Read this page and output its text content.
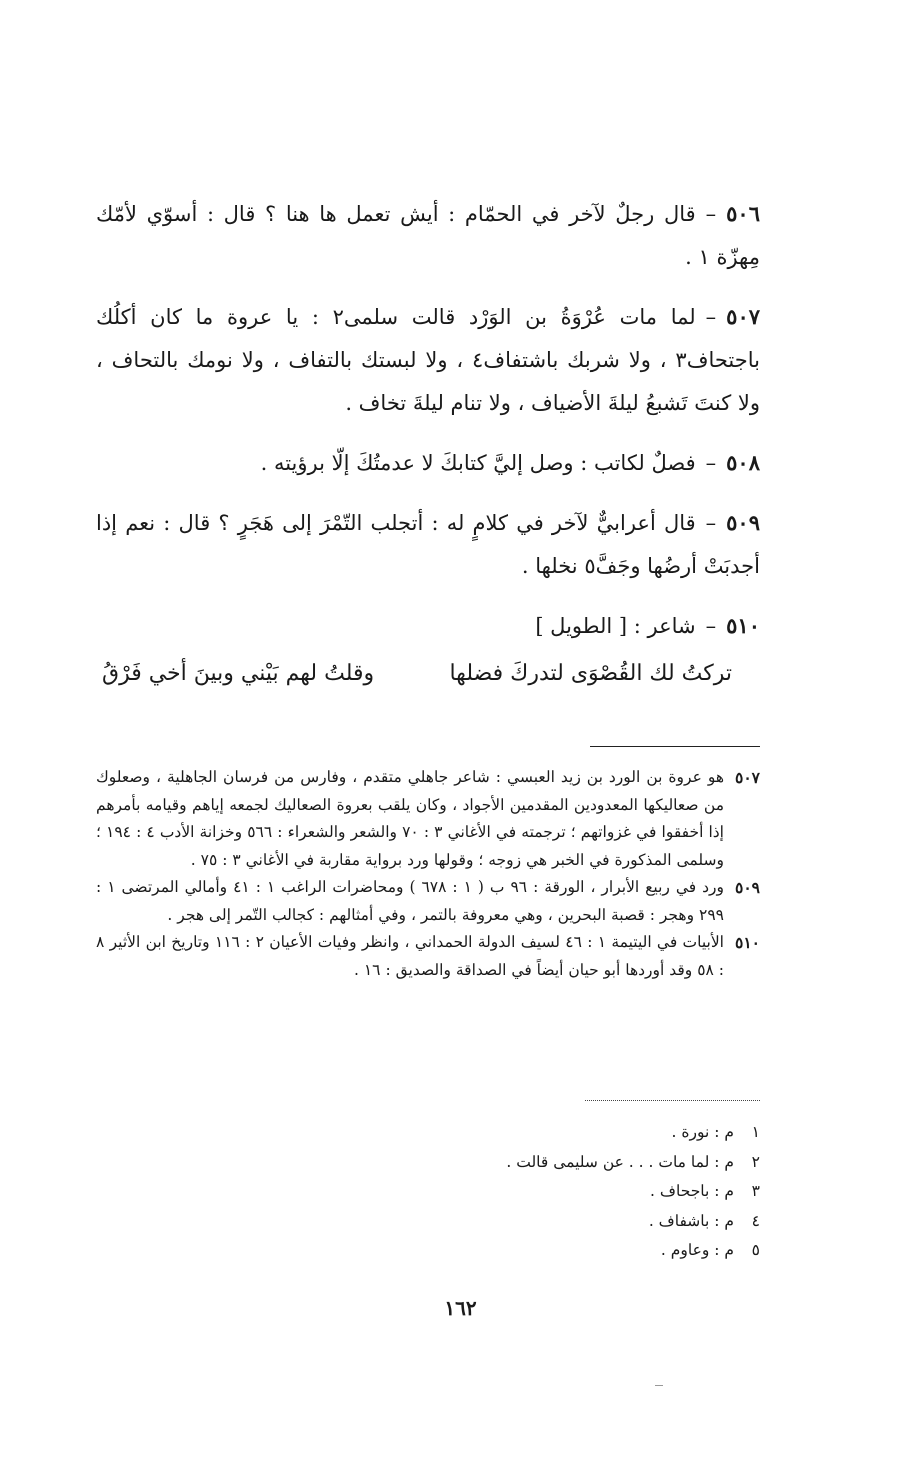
٥٠٦–قال رجلٌ لآخر في الحمّام : أيش تعمل ها هنا ؟ قال : أسوّي لأمّك مِهزّة ١ .

٥٠٧–لما مات عُرْوَةُ بن الوَرْد قالت سلمى٢ : يا عروة ما كان أكلُك باجتحاف٣ ، ولا شربك باشتفاف٤ ، ولا لبستك بالتفاف ، ولا نومك بالتحاف ، ولا كنتَ تَشبعُ ليلةَ الأضياف ، ولا تنام ليلةَ تخاف .

٥٠٨–فصلٌ لكاتب : وصل إليَّ كتابكَ لا عدمتُكَ إلّا برؤيته .

٥٠٩–قال أعرابيٌّ لآخر في كلامٍ له : أتجلب التّمْرَ إلى هَجَرٍ ؟ قال : نعم إذا أجدبَتْ أرضُها وجَفَّ٥ نخلها .

٥١٠–شاعر : [ الطويل ]

تركتُ لك القُصْوَى لتدركَ فضلها
وقلتُ لهم بَيْني وبينَ أخي فَرْقُ
٥٠٧
هو عروة بن الورد بن زيد العبسي : شاعر جاهلي متقدم ، وفارس من فرسان الجاهلية ، وصعلوك من صعاليكها المعدودين المقدمين الأجواد ، وكان يلقب بعروة الصعاليك لجمعه إياهم وقيامه بأمرهم إذا أخفقوا في غزواتهم ؛ ترجمته في الأغاني ٣ : ٧٠ والشعر والشعراء : ٥٦٦ وخزانة الأدب ٤ : ١٩٤ ؛ وسلمى المذكورة في الخبر هي زوجه ؛ وقولها ورد برواية مقاربة في الأغاني ٣ : ٧٥ .
٥٠٩
ورد في ربيع الأبرار ، الورقة : ٩٦ ب ( ١ : ٦٧٨ ) ومحاضرات الراغب ١ : ٤١ وأمالي المرتضى ١ : ٢٩٩ وهجر : قصبة البحرين ، وهي معروفة بالتمر ، وفي أمثالهم : كجالب التّمر إلى هجر .
٥١٠
الأبيات في اليتيمة ١ : ٤٦ لسيف الدولة الحمداني ، وانظر وفيات الأعيان ٢ : ١١٦ وتاريخ ابن الأثير ٨ : ٥٨ وقد أوردها أبو حيان أيضاً في الصداقة والصديق : ١٦ .
١م : نورة .
٢م : لما مات . . . عن سليمى قالت .
٣م : باجحاف .
٤م : باشفاف .
٥م : وعاوم .
١٦٢
